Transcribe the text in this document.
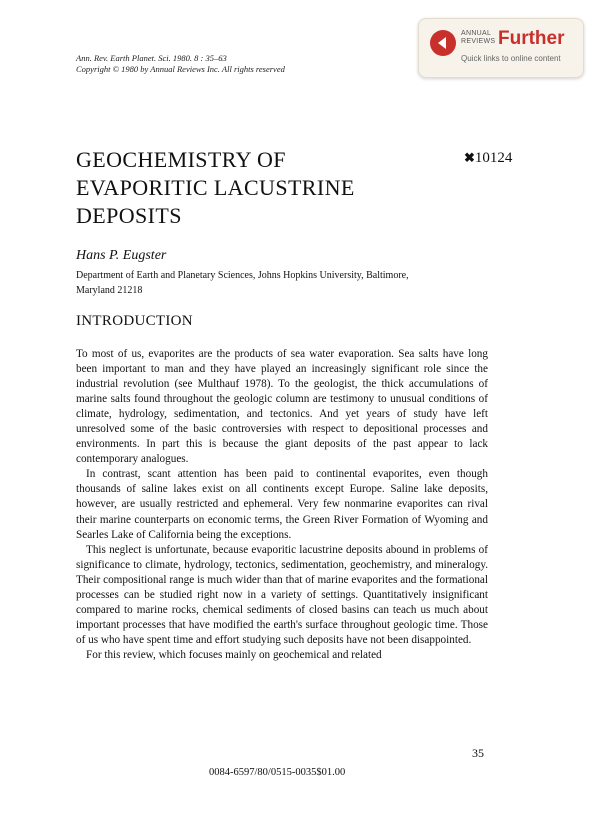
Ann. Rev. Earth Planet. Sci. 1980. 8 : 35–63
Copyright © 1980 by Annual Reviews Inc. All rights reserved
ANNUAL REVIEWS Further
Quick links to online content
GEOCHEMISTRY OF EVAPORITIC LACUSTRINE DEPOSITS
✖10124
Hans P. Eugster
Department of Earth and Planetary Sciences, Johns Hopkins University, Baltimore, Maryland 21218
INTRODUCTION

To most of us, evaporites are the products of sea water evaporation. Sea salts have long been important to man and they have played an increasingly significant role since the industrial revolution (see Multhauf 1978). To the geologist, the thick accumulations of marine salts found throughout the geologic column are testimony to unusual conditions of climate, hydrology, sedimentation, and tectonics. And yet years of study have left unresolved some of the basic controversies with respect to depositional processes and environments. In part this is because the giant deposits of the past appear to lack contemporary analogues.

In contrast, scant attention has been paid to continental evaporites, even though thousands of saline lakes exist on all continents except Europe. Saline lake deposits, however, are usually restricted and ephemeral. Very few nonmarine evaporites can rival their marine counterparts on economic terms, the Green River Formation of Wyoming and Searles Lake of California being the exceptions.

This neglect is unfortunate, because evaporitic lacustrine deposits abound in problems of significance to climate, hydrology, tectonics, sedimentation, geochemistry, and mineralogy. Their compositional range is much wider than that of marine evaporites and the formational processes can be studied right now in a variety of settings. Quantitatively insignificant compared to marine rocks, chemical sediments of closed basins can teach us much about important processes that have modified the earth's surface throughout geologic time. Those of us who have spent time and effort studying such deposits have not been disappointed.

For this review, which focuses mainly on geochemical and related

35
0084-6597/80/0515-0035$01.00
